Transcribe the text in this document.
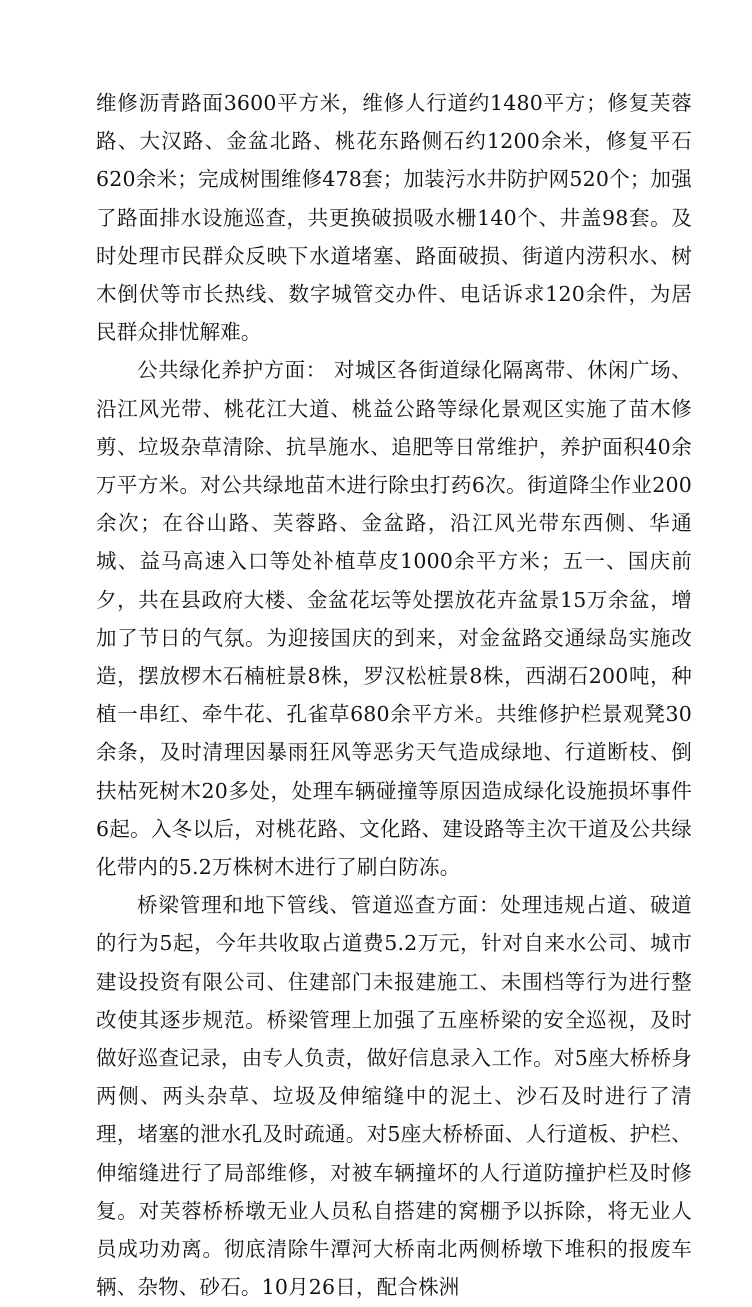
维修沥青路面3600平方米，维修人行道约1480平方；修复芙蓉路、大汉路、金盆北路、桃花东路侧石约1200余米，修复平石620余米；完成树围维修478套；加装污水井防护网520个；加强了路面排水设施巡查，共更换破损吸水栅140个、井盖98套。及时处理市民群众反映下水道堵塞、路面破损、街道内涝积水、树木倒伏等市长热线、数字城管交办件、电话诉求120余件，为居民群众排忧解难。

公共绿化养护方面： 对城区各街道绿化隔离带、休闲广场、沿江风光带、桃花江大道、桃益公路等绿化景观区实施了苗木修剪、垃圾杂草清除、抗旱施水、追肥等日常维护，养护面积40余万平方米。对公共绿地苗木进行除虫打药6次。街道降尘作业200余次；在谷山路、芙蓉路、金盆路，沿江风光带东西侧、华通城、益马高速入口等处补植草皮1000余平方米；五一、国庆前夕，共在县政府大楼、金盆花坛等处摆放花卉盆景15万余盆，增加了节日的气氛。为迎接国庆的到来，对金盆路交通绿岛实施改造，摆放椤木石楠桩景8株，罗汉松桩景8株，西湖石200吨，种植一串红、牵牛花、孔雀草680余平方米。共维修护栏景观凳30余条，及时清理因暴雨狂风等恶劣天气造成绿地、行道断枝、倒扶枯死树木20多处，处理车辆碰撞等原因造成绿化设施损坏事件6起。入冬以后，对桃花路、文化路、建设路等主次干道及公共绿化带内的5.2万株树木进行了刷白防冻。

桥梁管理和地下管线、管道巡查方面：处理违规占道、破道的行为5起，今年共收取占道费5.2万元，针对自来水公司、城市建设投资有限公司、住建部门未报建施工、未围档等行为进行整改使其逐步规范。桥梁管理上加强了五座桥梁的安全巡视，及时做好巡查记录，由专人负责，做好信息录入工作。对5座大桥桥身两侧、两头杂草、垃圾及伸缩缝中的泥土、沙石及时进行了清理，堵塞的泄水孔及时疏通。对5座大桥桥面、人行道板、护栏、伸缩缝进行了局部维修，对被车辆撞坏的人行道防撞护栏及时修复。对芙蓉桥桥墩无业人员私自搭建的窝棚予以拆除，将无业人员成功劝离。彻底清除牛潭河大桥南北两侧桥墩下堆积的报废车辆、杂物、砂石。10月26日，配合株洲
